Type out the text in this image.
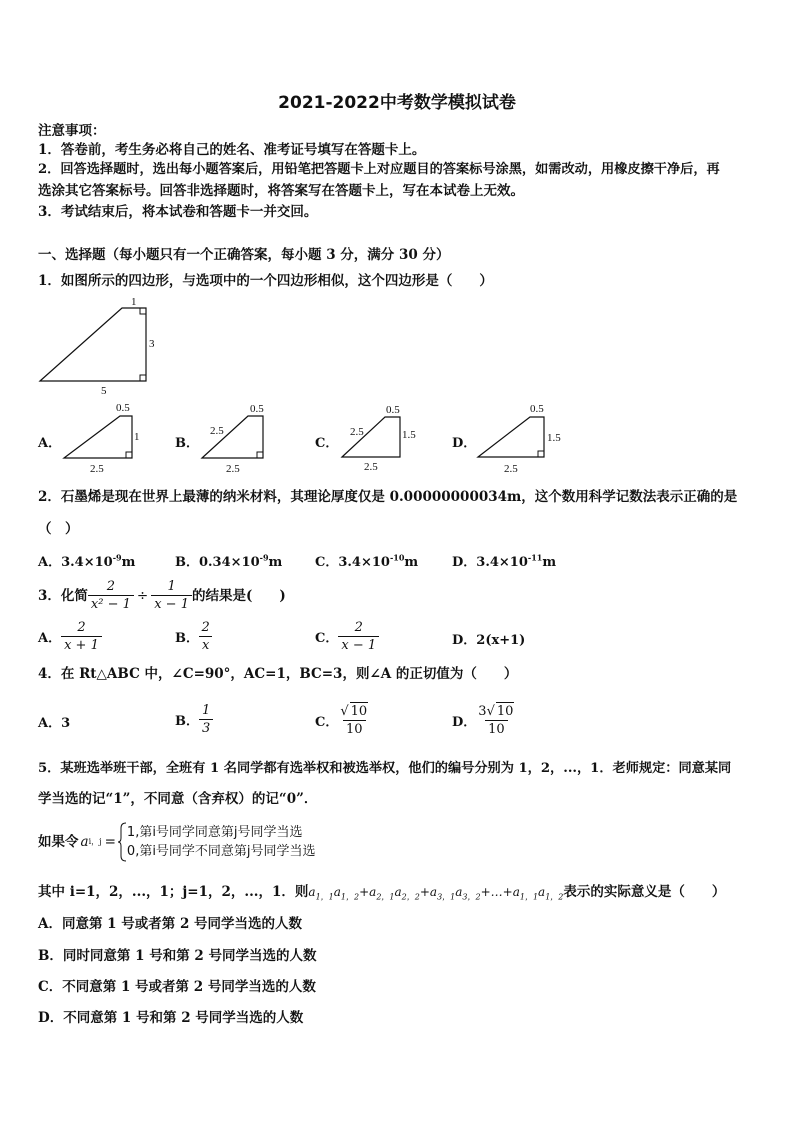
2021-2022中考数学模拟试卷
注意事项：
1．答卷前，考生务必将自己的姓名、准考证号填写在答题卡上。
2．回答选择题时，选出每小题答案后，用铅笔把答题卡上对应题目的答案标号涂黑，如需改动，用橡皮擦干净后，再
选涂其它答案标号。回答非选择题时，将答案写在答题卡上，写在本试卷上无效。
3．考试结束后，将本试卷和答题卡一并交回。
一、选择题（每小题只有一个正确答案，每小题 3 分，满分 30 分）
1．如图所示的四边形，与选项中的一个四边形相似，这个四边形是（　　）
1
3
5
A．
0.5
1
2.5
B．
0.5
2.5
2.5
C．
0.5
2.5	1.5
2.5
D．
0.5
1.5
2.5
2．石墨烯是现在世界上最薄的纳米材料，其理论厚度仅是 0.00000000034m，这个数用科学记数法表示正确的是
（　）
A．$3.4\times 10^{-9}m$	B．$0.34\times 10^{-9}m$	C．$3.4\times 10^{-10}m$	D．$3.4\times 10^{-11}m$
3．化简 $\frac{2}{\text{x² − 1}} \div \frac{1}{x - 1}$ 的结果是(　　)
A． $\frac{2}{x + 1}$	B． $\frac{2}{x}$	C． $\frac{2}{x - 1}$	D．2(x+1)
4．在 Rt△ABC 中，∠C=90°，AC=1，BC=3，则∠A 的正切值为（　　）
A．3	B． $\frac{1}{3}$	C． $\frac{√ 10}{10}$	D． $\frac{3√ 10}{10}$
5．某班选举班干部，全班有 1 名同学都有选举权和被选举权，他们的编号分别为 1，2，...，1．老师规定：同意某同
学当选的记“1”，不同意（含弃权）的记“0”．
如果令 a i，j =
1,第i号同学同意第j号同学当选
0,第i号同学不同意第j号同学当选
其中 i=1，2，...，1；j=1，2，...，1．则$a_{1,1}a_{1,2}+a_{2,1}a_{2,2}+a_{3,1}a_{3,2}+\dots+a_{1,1}a_{1,2}$表示的实际意义是（　　）
A．同意第 1 号或者第 2 号同学当选的人数
B．同时同意第 1 号和第 2 号同学当选的人数
C．不同意第 1 号或者第 2 号同学当选的人数
D．不同意第 1 号和第 2 号同学当选的人数
